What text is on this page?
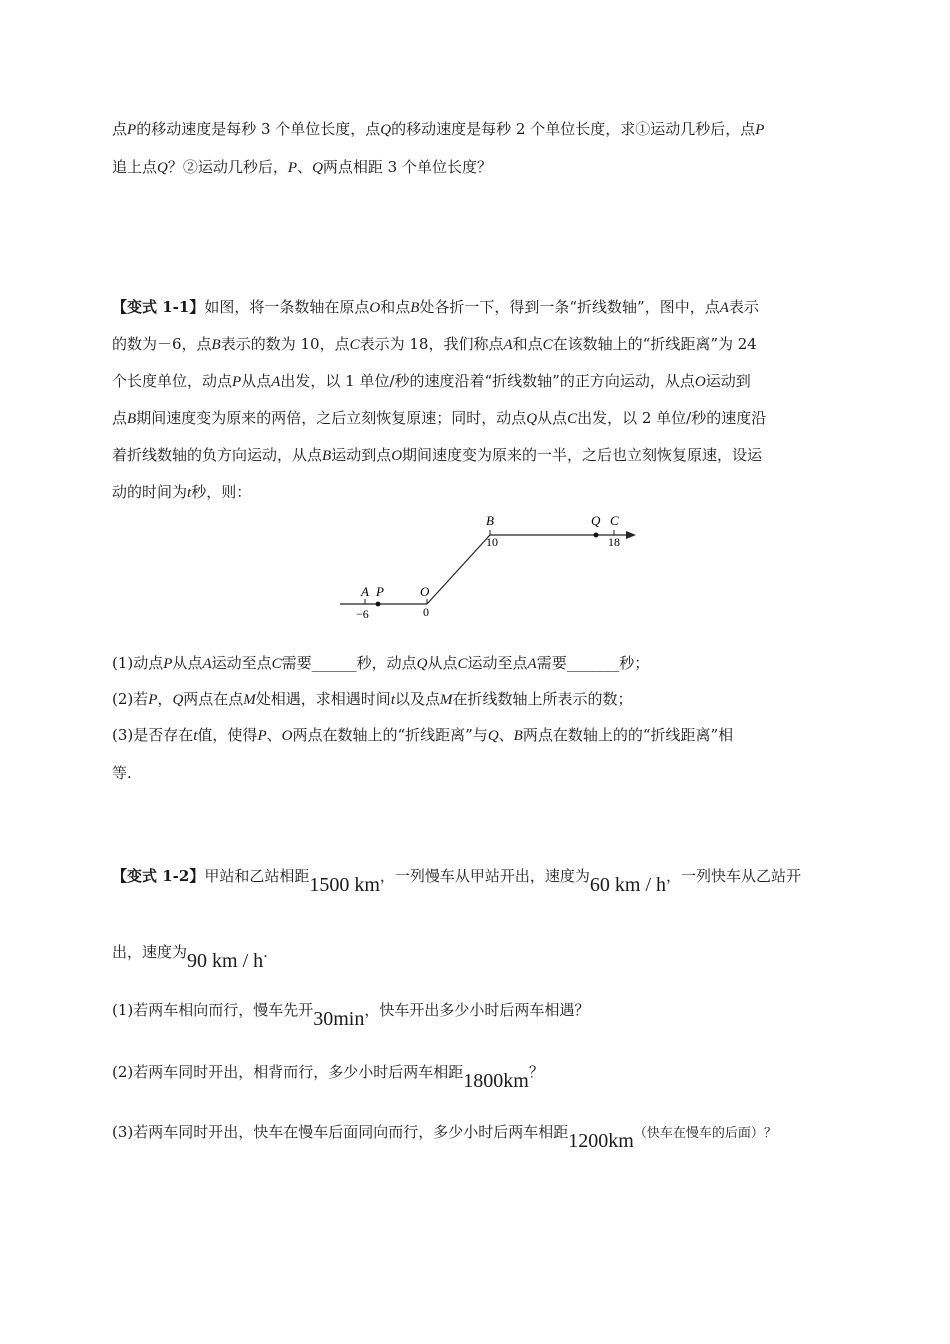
点P的移动速度是每秒 3 个单位长度，点Q的移动速度是每秒 2 个单位长度，求①运动几秒后，点P
追上点Q？②运动几秒后，P、Q两点相距 3 个单位长度？
【变式 1-1】如图，将一条数轴在原点O和点B处各折一下，得到一条“折线数轴”，图中，点A表示
的数为－6，点B表示的数为 10，点C表示为 18，我们称点A和点C在该数轴上的“折线距离”为 24
个长度单位，动点P从点A出发，以 1 单位/秒的速度沿着“折线数轴”的正方向运动，从点O运动到
点B期间速度变为原来的两倍，之后立刻恢复原速；同时，动点Q从点C出发，以 2 单位/秒的速度沿
着折线数轴的负方向运动，从点B运动到点O期间速度变为原来的一半，之后也立刻恢复原速，设运
动的时间为t秒，则：
A P	O
B	Q C
−6	0
10	18
(1)动点P从点A运动至点C需要______秒，动点Q从点C运动至点A需要_______秒；
(2)若P，Q两点在点M处相遇，求相遇时间t以及点M在折线数轴上所表示的数；
(3)是否存在t值，使得P、O两点在数轴上的“折线距离”与Q、B两点在数轴上的的“折线距离”相
等.
【变式 1-2】甲站和乙站相距1500 km，一列慢车从甲站开出，速度为60 km / h，一列快车从乙站开
出，速度为90 km / h.
(1)若两车相向而行，慢车先开30min，快车开出多少小时后两车相遇？
(2)若两车同时开出，相背而行，多少小时后两车相距1800km？
(3)若两车同时开出，快车在慢车后面同向而行，多少小时后两车相距1200km（快车在慢车的后面）？
